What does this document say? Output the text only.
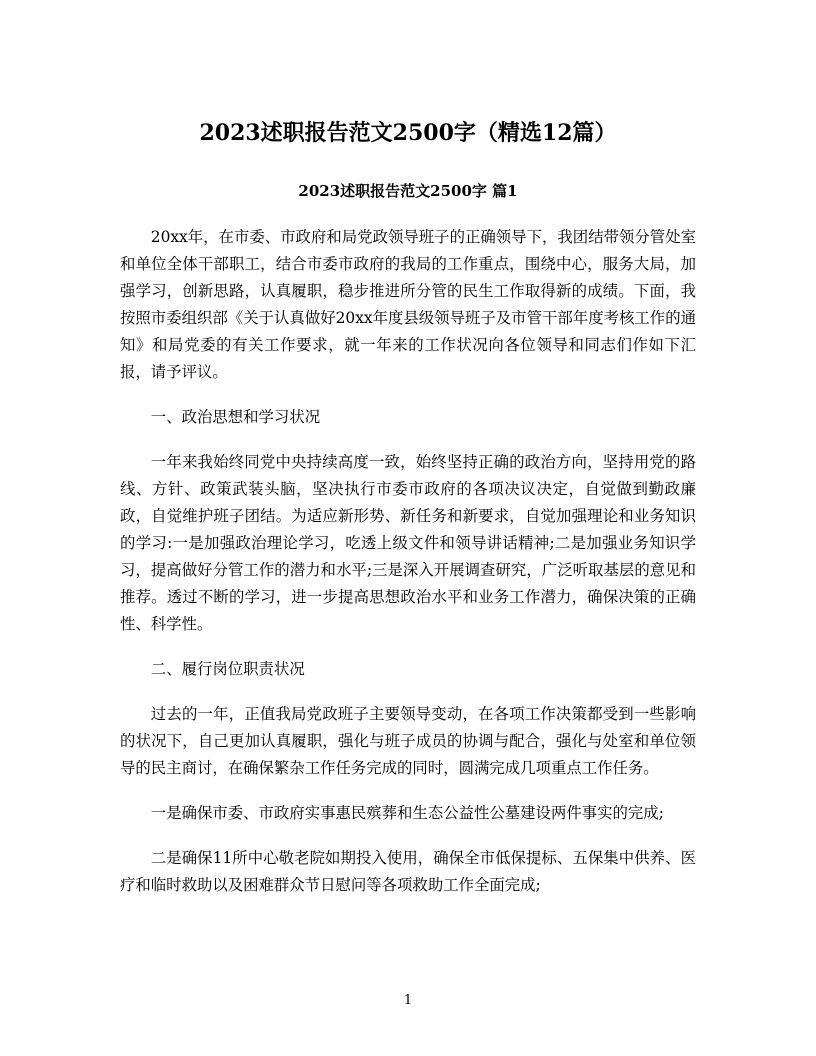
2023述职报告范文2500字（精选12篇）
2023述职报告范文2500字 篇1

20xx年，在市委、市政府和局党政领导班子的正确领导下，我团结带领分管处室和单位全体干部职工，结合市委市政府的我局的工作重点，围绕中心，服务大局，加强学习，创新思路，认真履职，稳步推进所分管的民生工作取得新的成绩。下面，我按照市委组织部《关于认真做好20xx年度县级领导班子及市管干部年度考核工作的通知》和局党委的有关工作要求，就一年来的工作状况向各位领导和同志们作如下汇报，请予评议。

一、政治思想和学习状况

一年来我始终同党中央持续高度一致，始终坚持正确的政治方向，坚持用党的路线、方针、政策武装头脑，坚决执行市委市政府的各项决议决定，自觉做到勤政廉政，自觉维护班子团结。为适应新形势、新任务和新要求，自觉加强理论和业务知识的学习:一是加强政治理论学习，吃透上级文件和领导讲话精神;二是加强业务知识学习，提高做好分管工作的潜力和水平;三是深入开展调查研究，广泛听取基层的意见和推荐。透过不断的学习，进一步提高思想政治水平和业务工作潜力，确保决策的正确性、科学性。

二、履行岗位职责状况

过去的一年，正值我局党政班子主要领导变动，在各项工作决策都受到一些影响的状况下，自己更加认真履职，强化与班子成员的协调与配合，强化与处室和单位领导的民主商讨，在确保繁杂工作任务完成的同时，圆满完成几项重点工作任务。

一是确保市委、市政府实事惠民殡葬和生态公益性公墓建设两件事实的完成;

二是确保11所中心敬老院如期投入使用，确保全市低保提标、五保集中供养、医疗和临时救助以及困难群众节日慰问等各项救助工作全面完成;

1
